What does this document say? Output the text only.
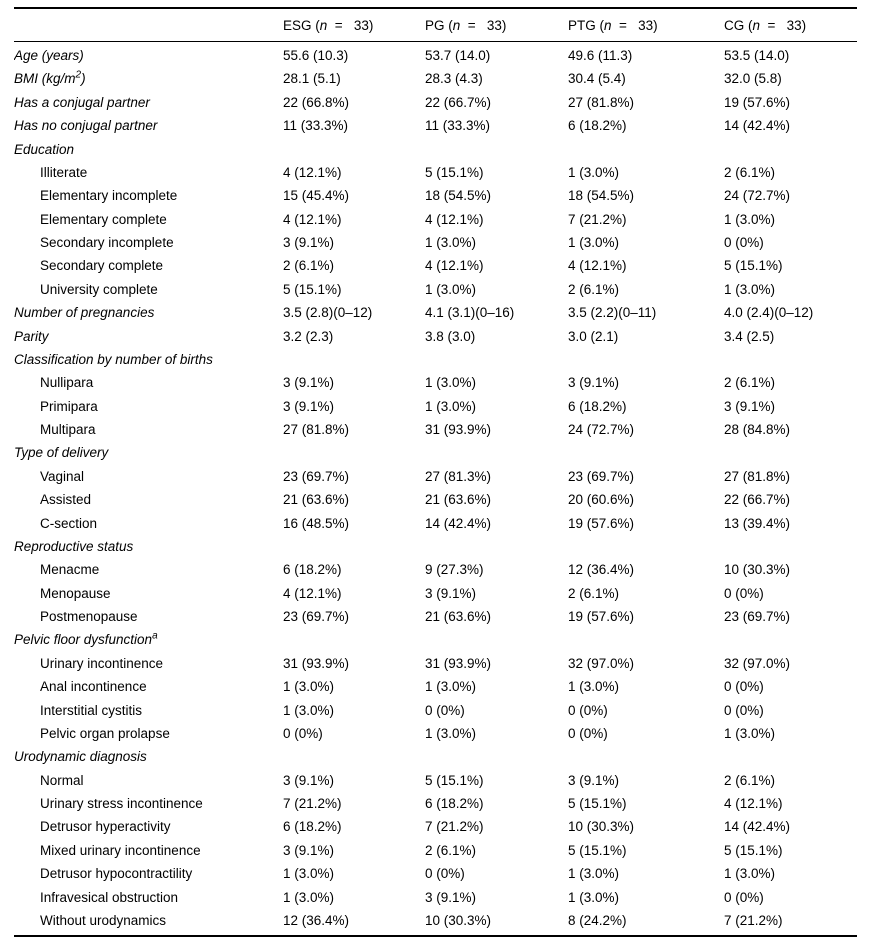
	ESG (n  =   33)	PG (n  =   33)	PTG (n  =   33)	CG (n  =   33)
Age (years)	55.6 (10.3)	53.7 (14.0)	49.6 (11.3)	53.5 (14.0)
BMI $(kg/m^2)$	28.1 (5.1)	28.3 (4.3)	30.4 (5.4)	32.0 (5.8)
Has a conjugal partner	22 (66.8%)	22 (66.7%)	27 (81.8%)	19 (57.6%)
Has no conjugal partner	11 (33.3%)	11 (33.3%)	6 (18.2%)	14 (42.4%)
Education				
Illiterate	4 (12.1%)	5 (15.1%)	1 (3.0%)	2 (6.1%)
Elementary incomplete	15 (45.4%)	18 (54.5%)	18 (54.5%)	24 (72.7%)
Elementary complete	4 (12.1%)	4 (12.1%)	7 (21.2%)	1 (3.0%)
Secondary incomplete	3 (9.1%)	1 (3.0%)	1 (3.0%)	0 (0%)
Secondary complete	2 (6.1%)	4 (12.1%)	4 (12.1%)	5 (15.1%)
University complete	5 (15.1%)	1 (3.0%)	2 (6.1%)	1 (3.0%)
Number of pregnancies	3.5 (2.8)(0–12)	4.1 (3.1)(0–16)	3.5 (2.2)(0–11)	4.0 (2.4)(0–12)
Parity	3.2 (2.3)	3.8 (3.0)	3.0 (2.1)	3.4 (2.5)
Classification by number of births				
Nullipara	3 (9.1%)	1 (3.0%)	3 (9.1%)	2 (6.1%)
Primipara	3 (9.1%)	1 (3.0%)	6 (18.2%)	3 (9.1%)
Multipara	27 (81.8%)	31 (93.9%)	24 (72.7%)	28 (84.8%)
Type of delivery				
Vaginal	23 (69.7%)	27 (81.3%)	23 (69.7%)	27 (81.8%)
Assisted	21 (63.6%)	21 (63.6%)	20 (60.6%)	22 (66.7%)
C-section	16 (48.5%)	14 (42.4%)	19 (57.6%)	13 (39.4%)
Reproductive status				
Menacme	6 (18.2%)	9 (27.3%)	12 (36.4%)	10 (30.3%)
Menopause	4 (12.1%)	3 (9.1%)	2 (6.1%)	0 (0%)
Postmenopause	23 (69.7%)	21 (63.6%)	19 (57.6%)	23 (69.7%)
Pelvic floor dysfunction$^a$				
Urinary incontinence	31 (93.9%)	31 (93.9%)	32 (97.0%)	32 (97.0%)
Anal incontinence	1 (3.0%)	1 (3.0%)	1 (3.0%)	0 (0%)
Interstitial cystitis	1 (3.0%)	0 (0%)	0 (0%)	0 (0%)
Pelvic organ prolapse	0 (0%)	1 (3.0%)	0 (0%)	1 (3.0%)
Urodynamic diagnosis				
Normal	3 (9.1%)	5 (15.1%)	3 (9.1%)	2 (6.1%)
Urinary stress incontinence	7 (21.2%)	6 (18.2%)	5 (15.1%)	4 (12.1%)
Detrusor hyperactivity	6 (18.2%)	7 (21.2%)	10 (30.3%)	14 (42.4%)
Mixed urinary incontinence	3 (9.1%)	2 (6.1%)	5 (15.1%)	5 (15.1%)
Detrusor hypocontractility	1 (3.0%)	0 (0%)	1 (3.0%)	1 (3.0%)
Infravesical obstruction	1 (3.0%)	3 (9.1%)	1 (3.0%)	0 (0%)
Without urodynamics	12 (36.4%)	10 (30.3%)	8 (24.2%)	7 (21.2%)
